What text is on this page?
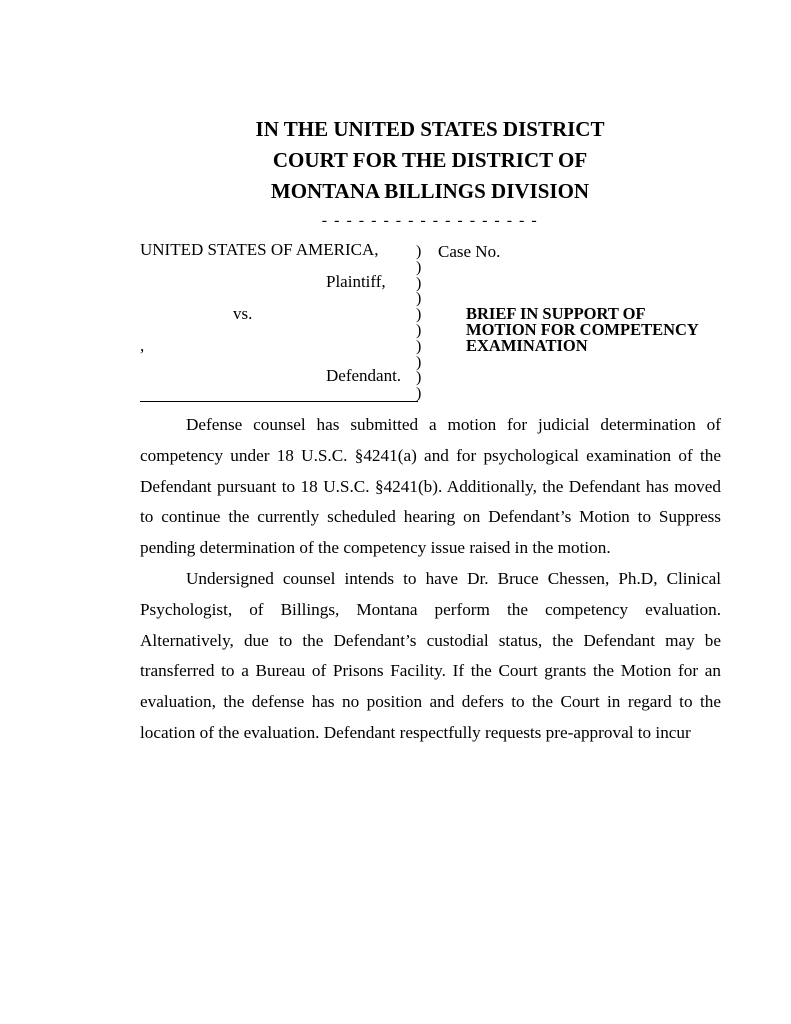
IN THE UNITED STATES DISTRICT
COURT FOR THE DISTRICT OF
MONTANA BILLINGS DIVISION
- - - - - - - - - - - - - - - - - -
UNITED STATES OF AMERICA,
Plaintiff,
vs.
,
Defendant.
)
)
)
)
)
)
)
)
)
)
Case No.
BRIEF IN SUPPORT OF
MOTION FOR COMPETENCY
EXAMINATION

Defense counsel has submitted a motion for judicial determination of competency under 18 U.S.C. §4241(a) and for psychological examination of the Defendant pursuant to 18 U.S.C. §4241(b). Additionally, the Defendant has moved to continue the currently scheduled hearing on Defendant’s Motion to Suppress pending determination of the competency issue raised in the motion.

Undersigned counsel intends to have Dr. Bruce Chessen, Ph.D, Clinical Psychologist, of Billings, Montana perform the competency evaluation. Alternatively, due to the Defendant’s custodial status, the Defendant may be transferred to a Bureau of Prisons Facility. If the Court grants the Motion for an evaluation, the defense has no position and defers to the Court in regard to the location of the evaluation. Defendant respectfully requests pre-approval to incur
